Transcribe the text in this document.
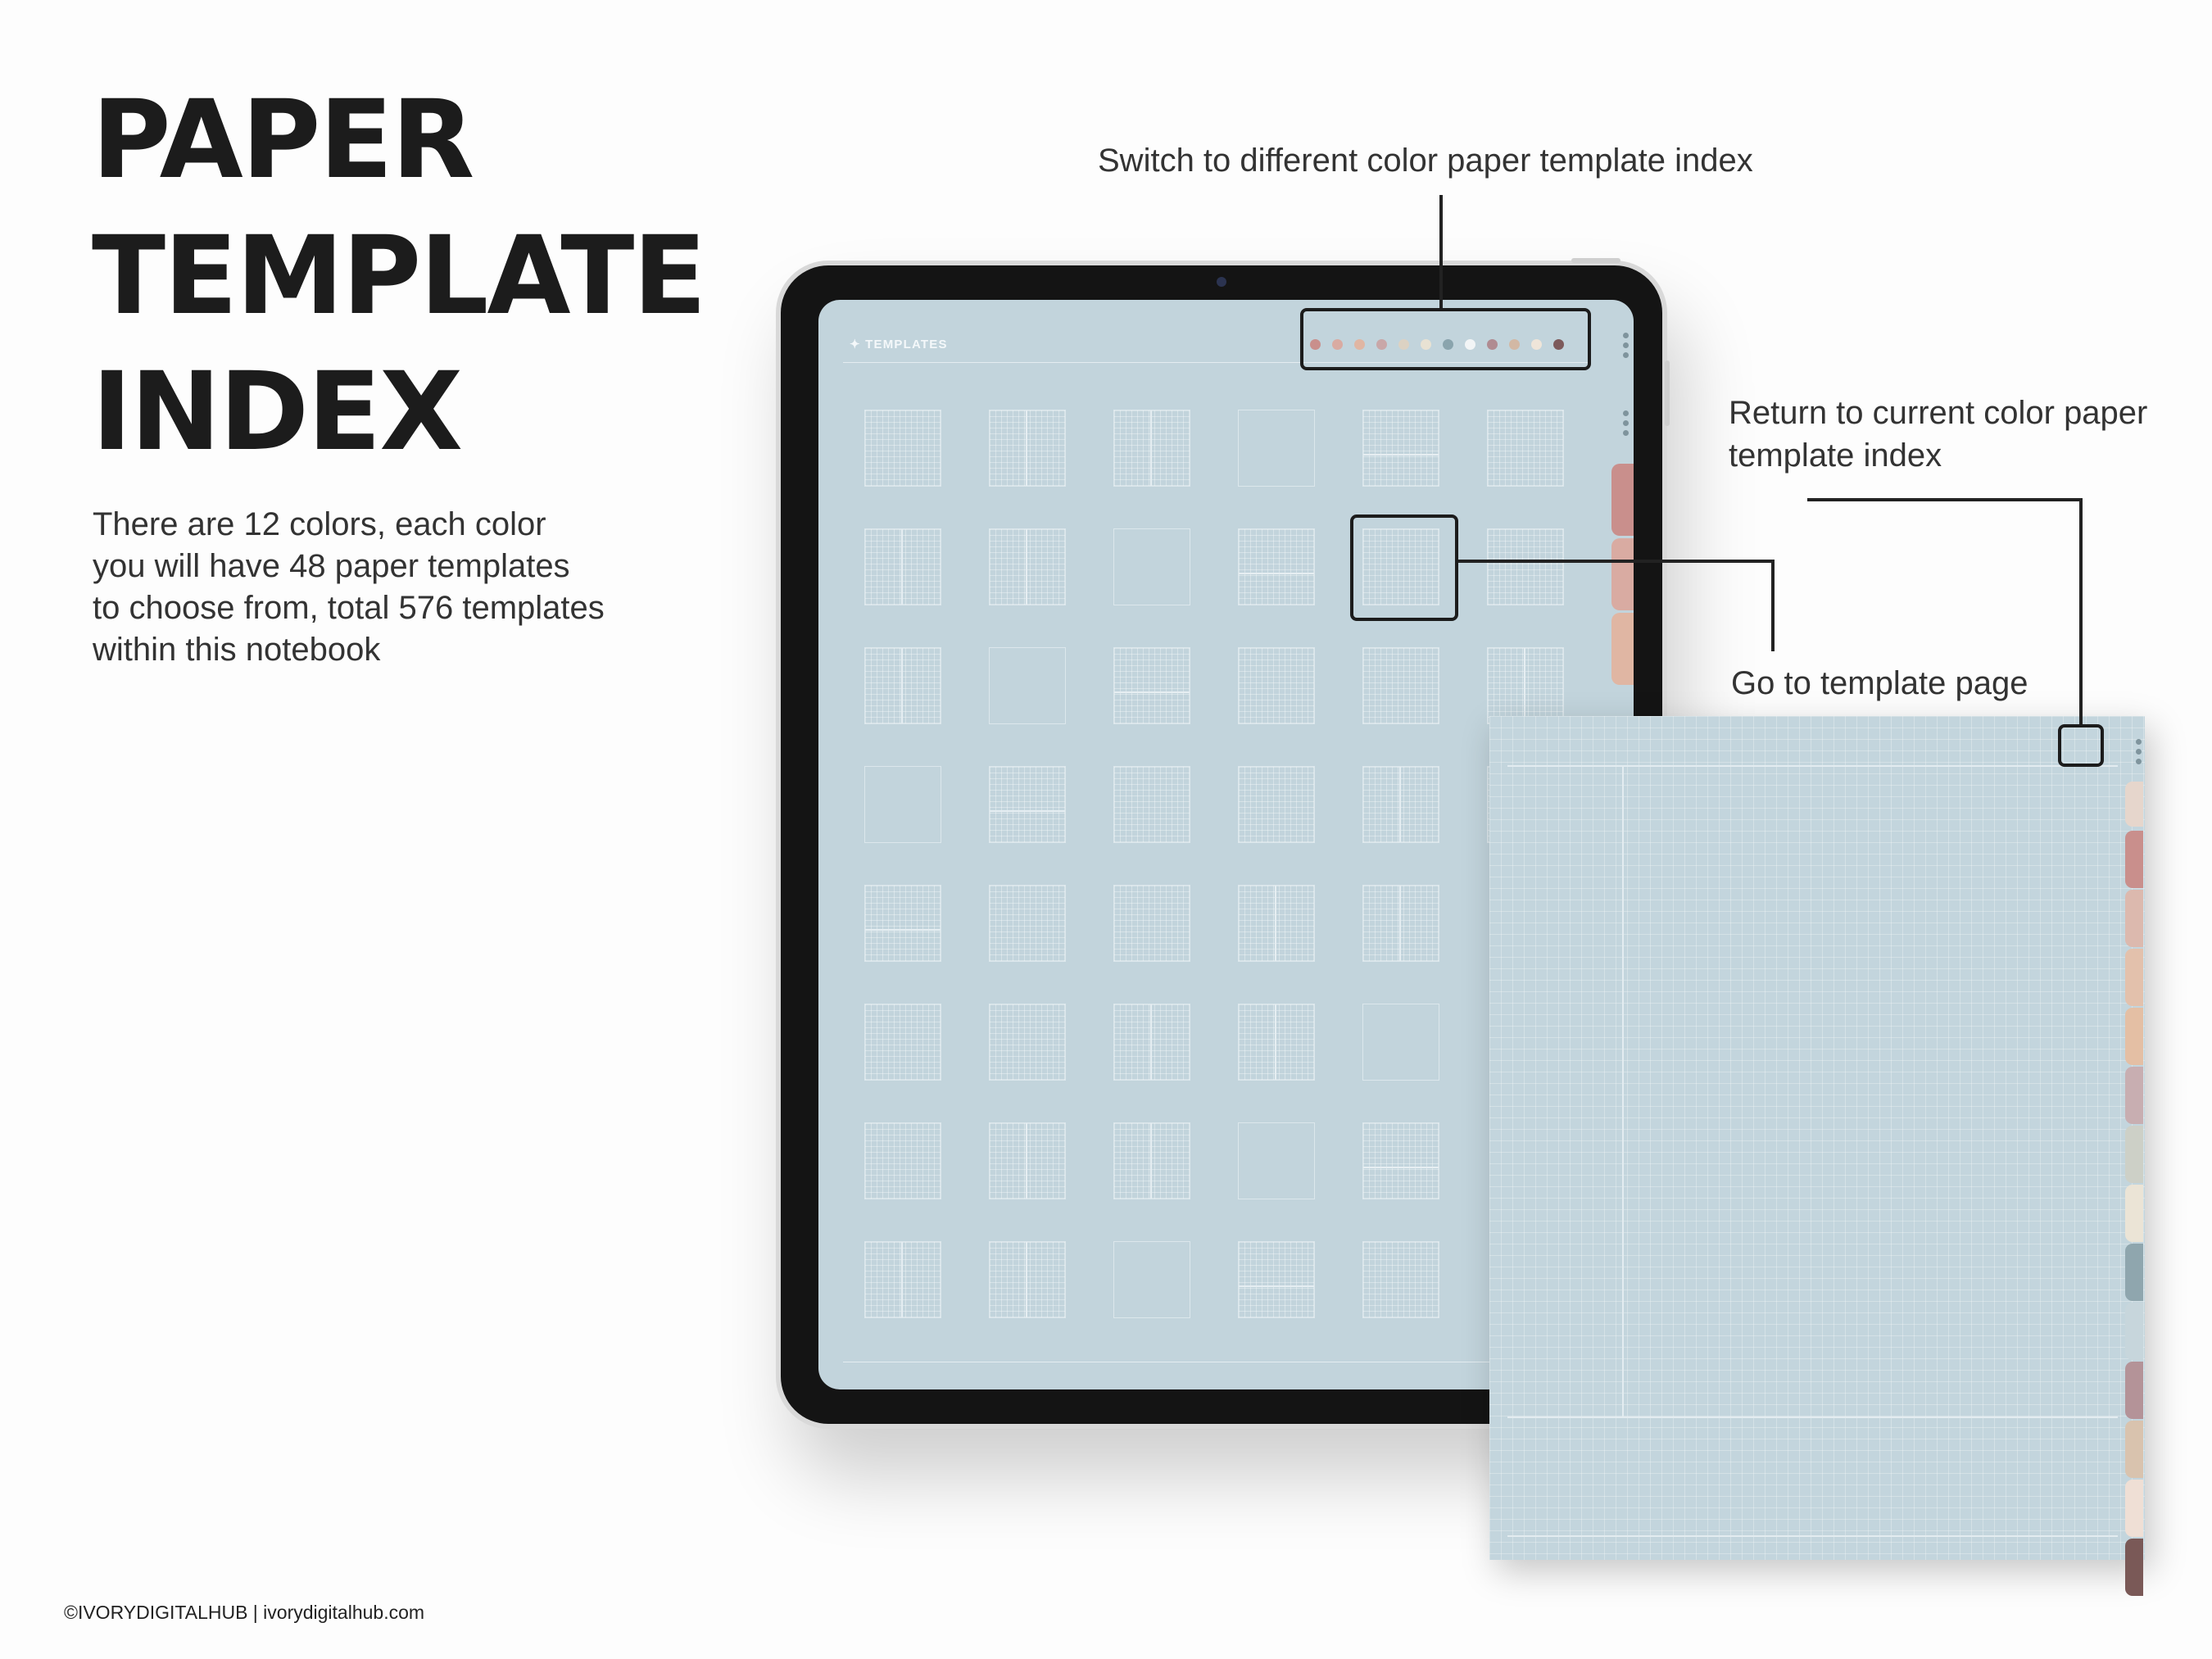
PAPER
TEMPLATE
INDEX
There are 12 colors, each color
you will have 48 paper templates
to choose from, total 576 templates
within this notebook
©IVORYDIGITALHUB | ivorydigitalhub.com
✦ TEMPLATES
Switch to different color paper template index
Return to current color paper
template index
Go to template page
